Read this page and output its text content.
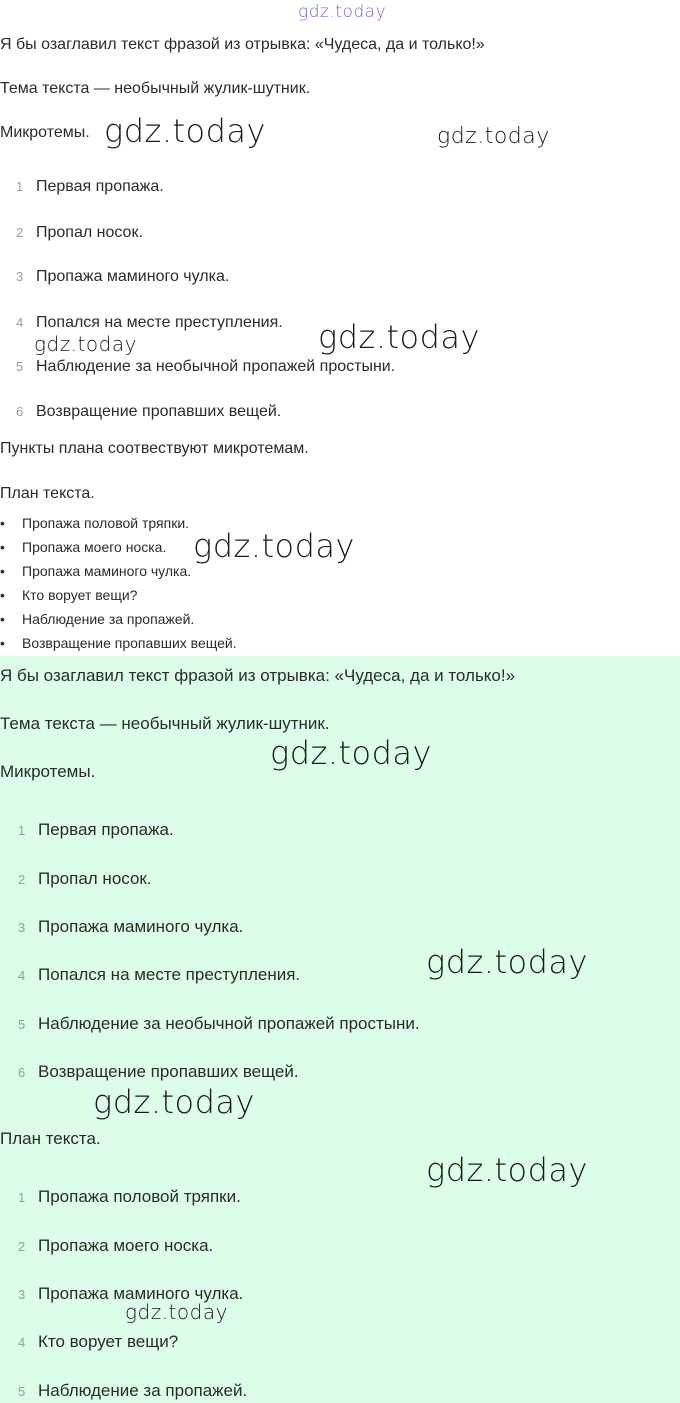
gdz.today
Я бы озаглавил текст фразой из отрывка: «Чудеса, да и только!»
Тема текста — необычный жулик-шутник.
Микротемы. gdz.today	gdz.today
1 Первая пропажа.
2 Пропал носок.
3 Пропажа маминого чулка.
4 Попался на месте преступления.
5 Наблюдение за необычной пропажей простыни.
6 Возвращение пропавших вещей.
gdz.today	gdz.today
Пункты плана соотвествуют микротемам.
План текста.
• Пропажа половой тряпки.
• Пропажа моего носка.
• Пропажа маминого чулка.
• Кто ворует вещи?
• Наблюдение за пропажей.
• Возвращение пропавших вещей.
gdz.today
Я бы озаглавил текст фразой из отрывка: «Чудеса, да и только!»
Тема текста — необычный жулик-шутник.
Микротемы.	gdz.today
1 Первая пропажа.
2 Пропал носок.
3 Пропажа маминого чулка.
4 Попался на месте преступления.
5 Наблюдение за необычной пропажей простыни.
6 Возвращение пропавших вещей.
gdz.today
gdz.today
План текста.
gdz.today
1 Пропажа половой тряпки.
2 Пропажа моего носка.
3 Пропажа маминого чулка.
4 Кто ворует вещи?
5 Наблюдение за пропажей.
gdz.today
